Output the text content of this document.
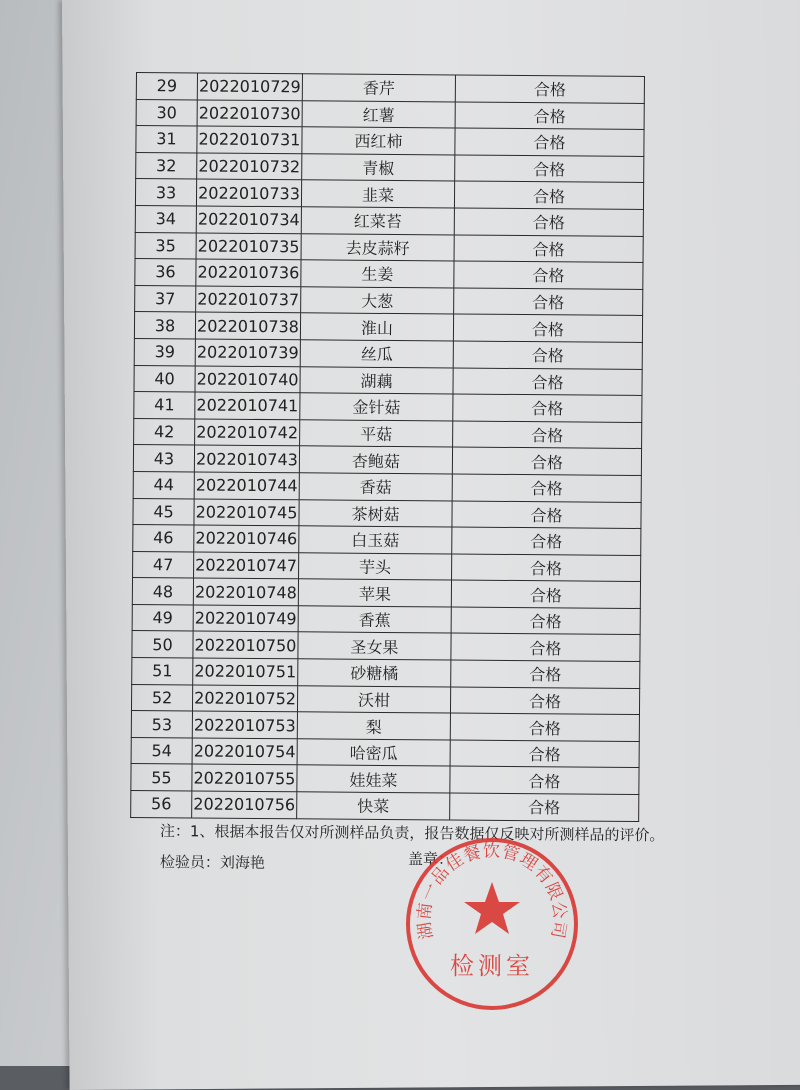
29	2022010729	香芹	合格
30	2022010730	红薯	合格
31	2022010731	西红柿	合格
32	2022010732	青椒	合格
33	2022010733	韭菜	合格
34	2022010734	红菜苔	合格
35	2022010735	去皮蒜籽	合格
36	2022010736	生姜	合格
37	2022010737	大葱	合格
38	2022010738	淮山	合格
39	2022010739	丝瓜	合格
40	2022010740	湖藕	合格
41	2022010741	金针菇	合格
42	2022010742	平菇	合格
43	2022010743	杏鲍菇	合格
44	2022010744	香菇	合格
45	2022010745	茶树菇	合格
46	2022010746	白玉菇	合格
47	2022010747	芋头	合格
48	2022010748	苹果	合格
49	2022010749	香蕉	合格
50	2022010750	圣女果	合格
51	2022010751	砂糖橘	合格
52	2022010752	沃柑	合格
53	2022010753	梨	合格
54	2022010754	哈密瓜	合格
55	2022010755	娃娃菜	合格
56	2022010756	快菜	合格
注：1、根据本报告仅对所测样品负责，报告数据仅反映对所测样品的评价。
检验员：刘海艳	盖章：
湖南一品佳餐饮管理有限公司
检测室
